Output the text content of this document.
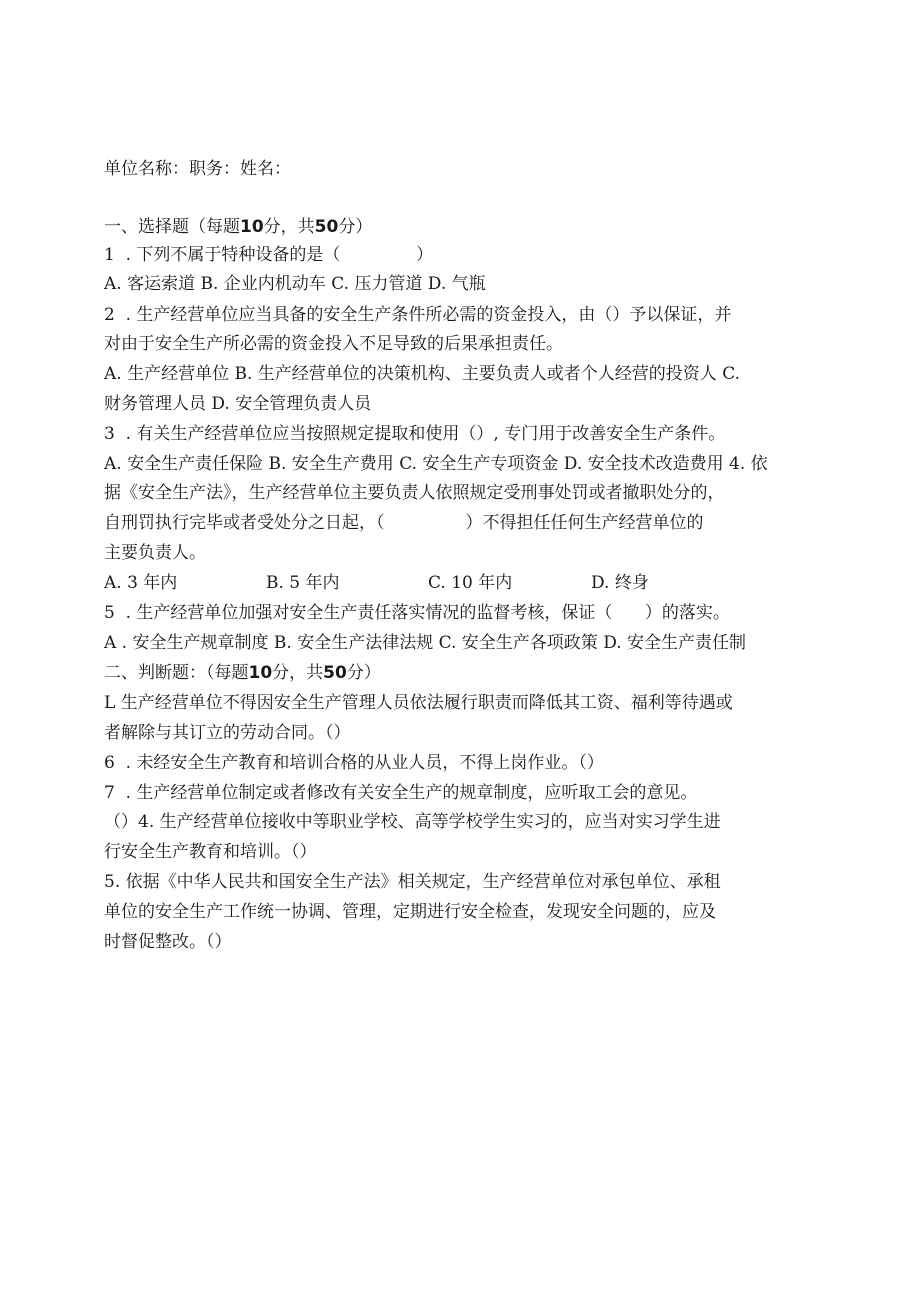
单位名称：职务：姓名：
一、选择题（每题10分，共50分）
1  . 下列不属于特种设备的是（              ）
A. 客运索道 B. 企业内机动车 C. 压力管道 D. 气瓶
2  . 生产经营单位应当具备的安全生产条件所必需的资金投入，由（）予以保证，并
对由于安全生产所必需的资金投入不足导致的后果承担责任。
A. 生产经营单位 B. 生产经营单位的决策机构、主要负责人或者个人经营的投资人 C.
财务管理人员 D. 安全管理负责人员
3  . 有关生产经营单位应当按照规定提取和使用（）, 专门用于改善安全生产条件。
A. 安全生产责任保险 B. 安全生产费用 C. 安全生产专项资金 D. 安全技术改造费用 4. 依
据《安全生产法》，生产经营单位主要负责人依照规定受刑事处罚或者撤职处分的，
自刑罚执行完毕或者受处分之日起，（               ）不得担任任何生产经营单位的
主要负责人。
A. 3 年内	B. 5 年内	C. 10 年内	D. 终身
5  . 生产经营单位加强对安全生产责任落实情况的监督考核，保证（      ）的落实。
A . 安全生产规章制度 B. 安全生产法律法规 C. 安全生产各项政策 D. 安全生产责任制
二、判断题：（每题10分，共50分）
L 生产经营单位不得因安全生产管理人员依法履行职责而降低其工资、福利等待遇或
者解除与其订立的劳动合同。（）
6  . 未经安全生产教育和培训合格的从业人员，不得上岗作业。（）
7  . 生产经营单位制定或者修改有关安全生产的规章制度，应听取工会的意见。
（）4. 生产经营单位接收中等职业学校、高等学校学生实习的，应当对实习学生进
行安全生产教育和培训。（）
5. 依据《中华人民共和国安全生产法》相关规定，生产经营单位对承包单位、承租
单位的安全生产工作统一协调、管理，定期进行安全检查，发现安全问题的，应及
时督促整改。（）
